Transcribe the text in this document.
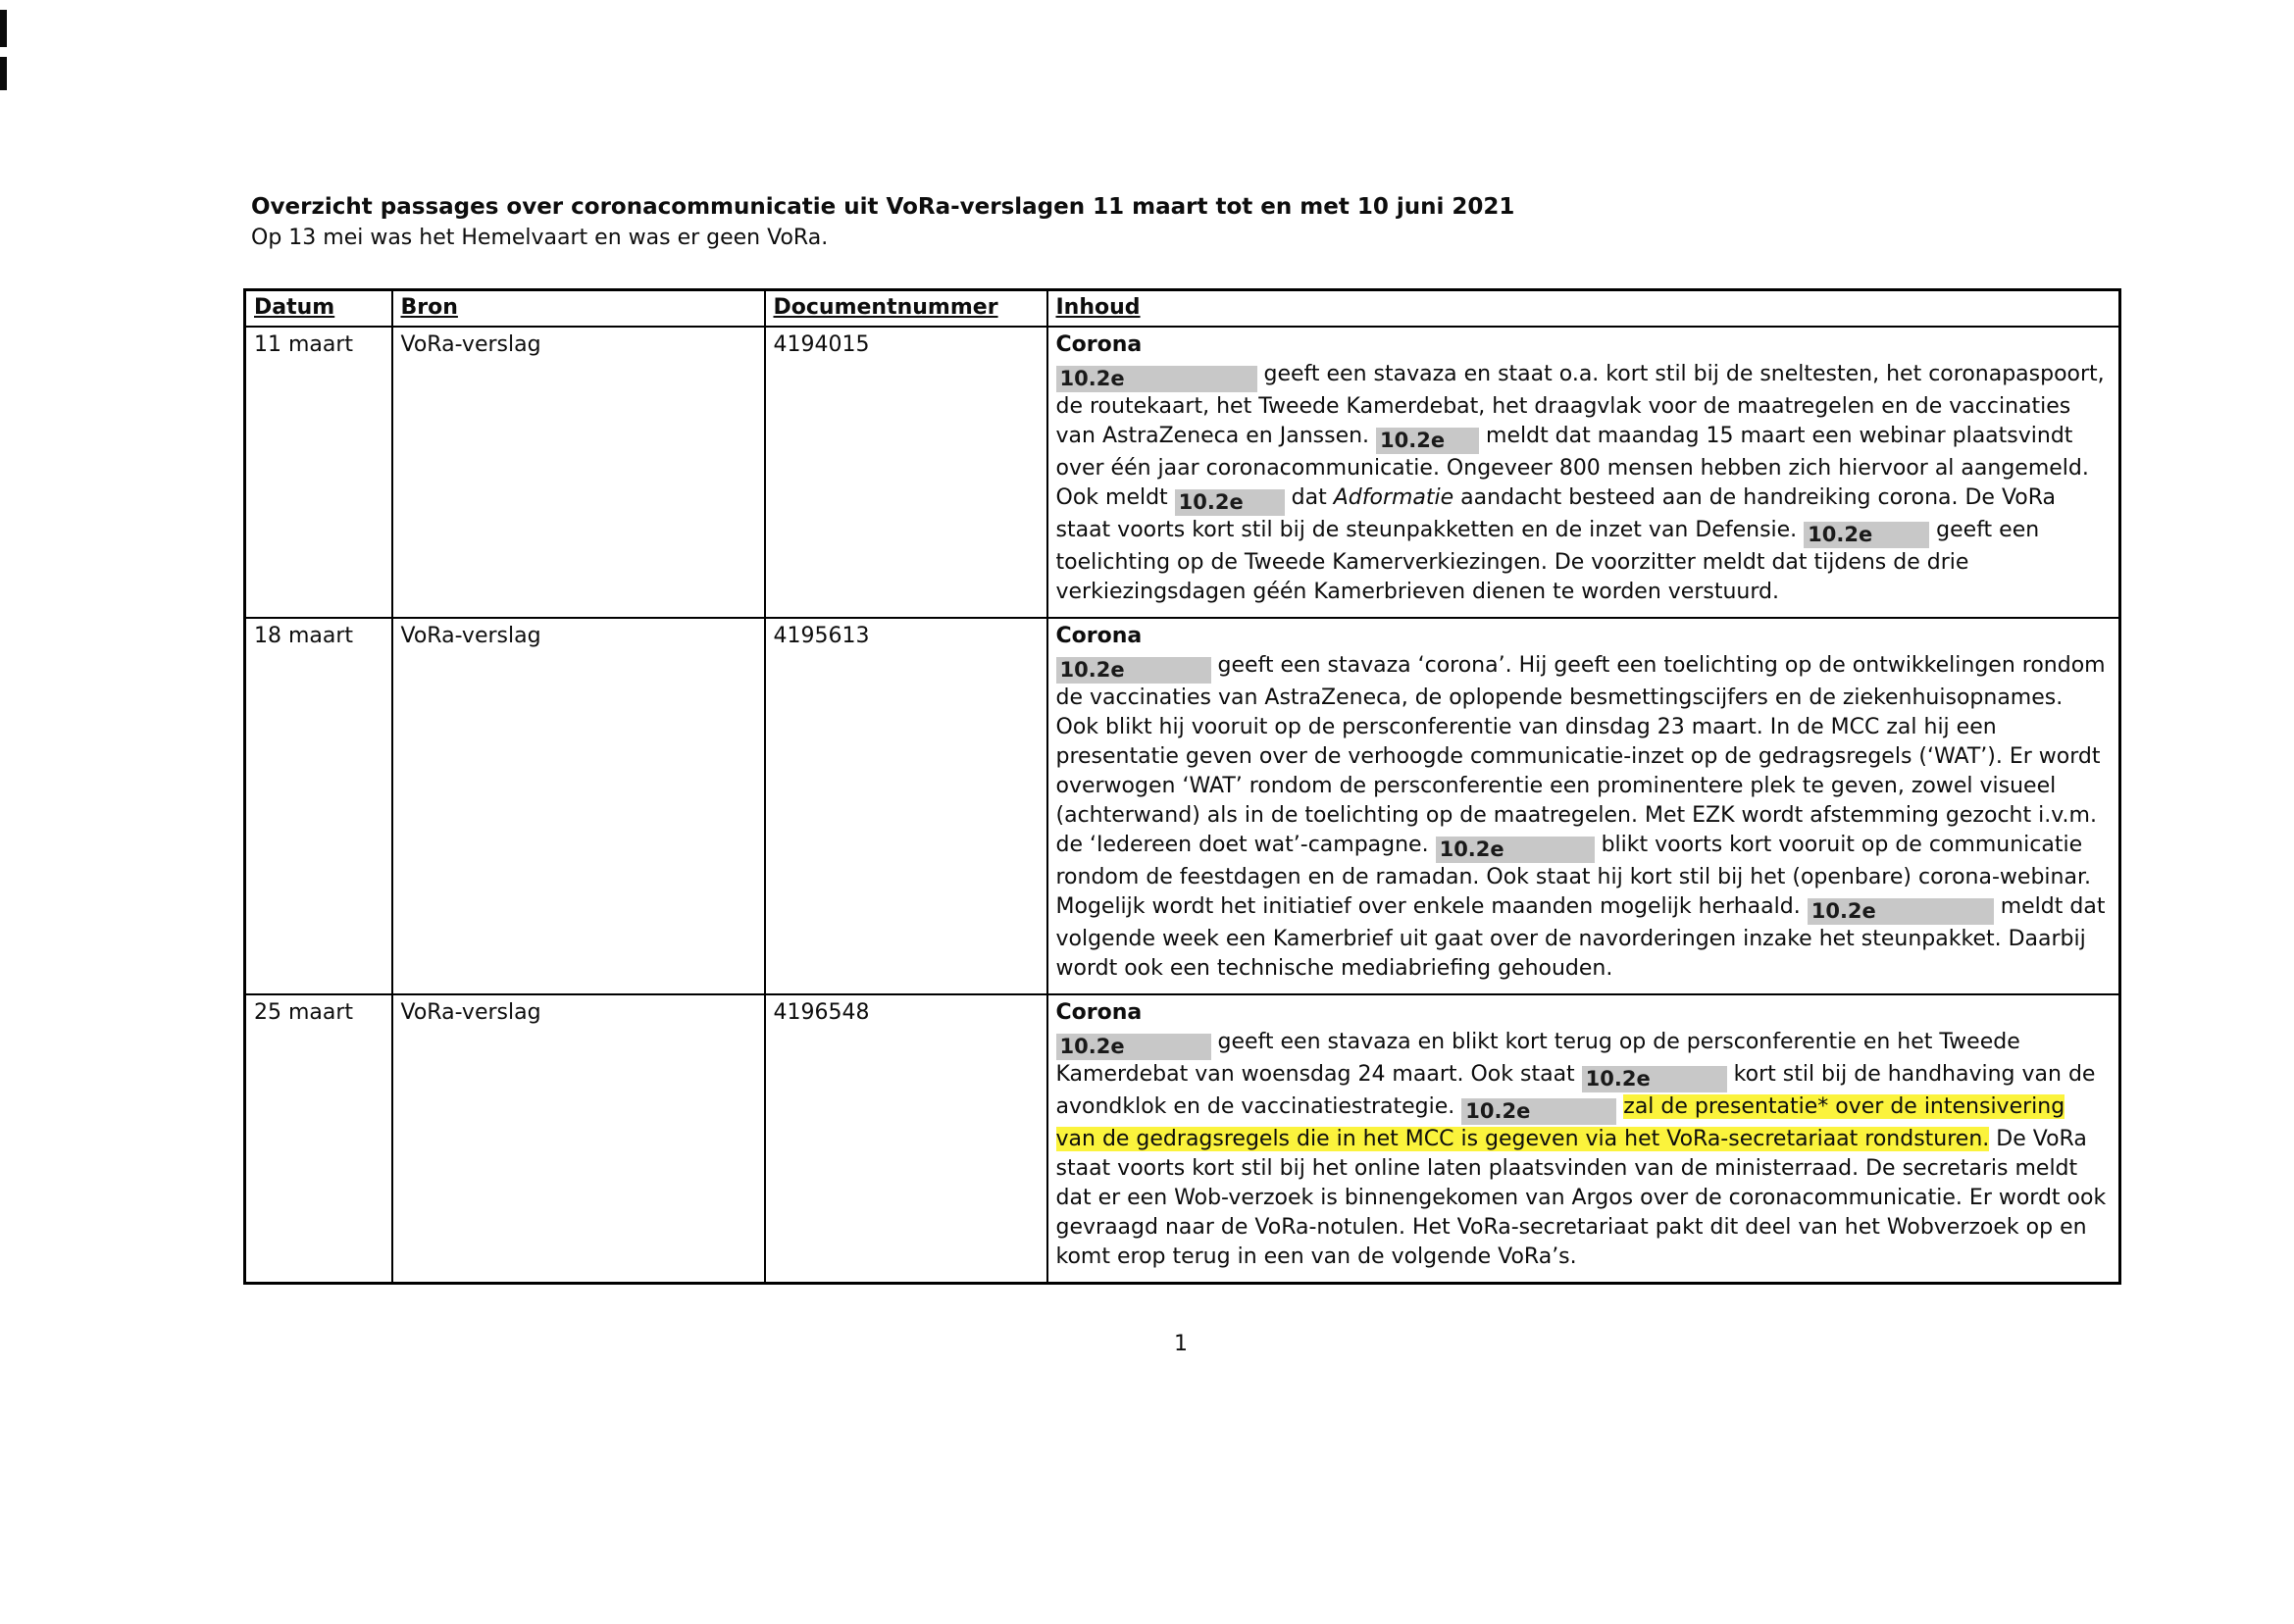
Overzicht passages over coronacommunicatie uit VoRa-verslagen 11 maart tot en met 10 juni 2021
Op 13 mei was het Hemelvaart en was er geen VoRa.
Datum	Bron	Documentnummer	Inhoud
11 maart	VoRa-verslag	4194015	Corona
10.2e geeft een stavaza en staat o.a. kort stil bij de sneltesten, het coronapaspoort, de routekaart, het Tweede Kamerdebat, het draagvlak voor de maatregelen en de vaccinaties van AstraZeneca en Janssen. 10.2e meldt dat maandag 15 maart een webinar plaatsvindt over één jaar coronacommunicatie. Ongeveer 800 mensen hebben zich hiervoor al aangemeld. Ook meldt 10.2e dat Adformatie aandacht besteed aan de handreiking corona. De VoRa staat voorts kort stil bij de steunpakketten en de inzet van Defensie. 10.2e geeft een toelichting op de Tweede Kamerverkiezingen. De voorzitter meldt dat tijdens de drie verkiezingsdagen géén Kamerbrieven dienen te worden verstuurd.

18 maart	VoRa-verslag	4195613	Corona
10.2e geeft een stavaza ‘corona’. Hij geeft een toelichting op de ontwikkelingen rondom de vaccinaties van AstraZeneca, de oplopende besmettingscijfers en de ziekenhuisopnames. Ook blikt hij vooruit op de persconferentie van dinsdag 23 maart. In de MCC zal hij een presentatie geven over de verhoogde communicatie-inzet op de gedragsregels (‘WAT’). Er wordt overwogen ‘WAT’ rondom de persconferentie een prominentere plek te geven, zowel visueel (achterwand) als in de toelichting op de maatregelen. Met EZK wordt afstemming gezocht i.v.m. de ‘Iedereen doet wat’-campagne. 10.2e blikt voorts kort vooruit op de communicatie rondom de feestdagen en de ramadan. Ook staat hij kort stil bij het (openbare) corona-webinar. Mogelijk wordt het initiatief over enkele maanden mogelijk herhaald. 10.2e meldt dat volgende week een Kamerbrief uit gaat over de navorderingen inzake het steunpakket. Daarbij wordt ook een technische mediabriefing gehouden.

25 maart	VoRa-verslag	4196548	Corona
10.2e geeft een stavaza en blikt kort terug op de persconferentie en het Tweede Kamerdebat van woensdag 24 maart. Ook staat 10.2e kort stil bij de handhaving van de avondklok en de vaccinatiestrategie. 10.2e zal de presentatie* over de intensivering van de gedragsregels die in het MCC is gegeven via het VoRa-secretariaat rondsturen. De VoRa staat voorts kort stil bij het online laten plaatsvinden van de ministerraad. De secretaris meldt dat er een Wob-verzoek is binnengekomen van Argos over de coronacommunicatie. Er wordt ook gevraagd naar de VoRa-notulen. Het VoRa-secretariaat pakt dit deel van het Wobverzoek op en komt erop terug in een van de volgende VoRa’s.
1
